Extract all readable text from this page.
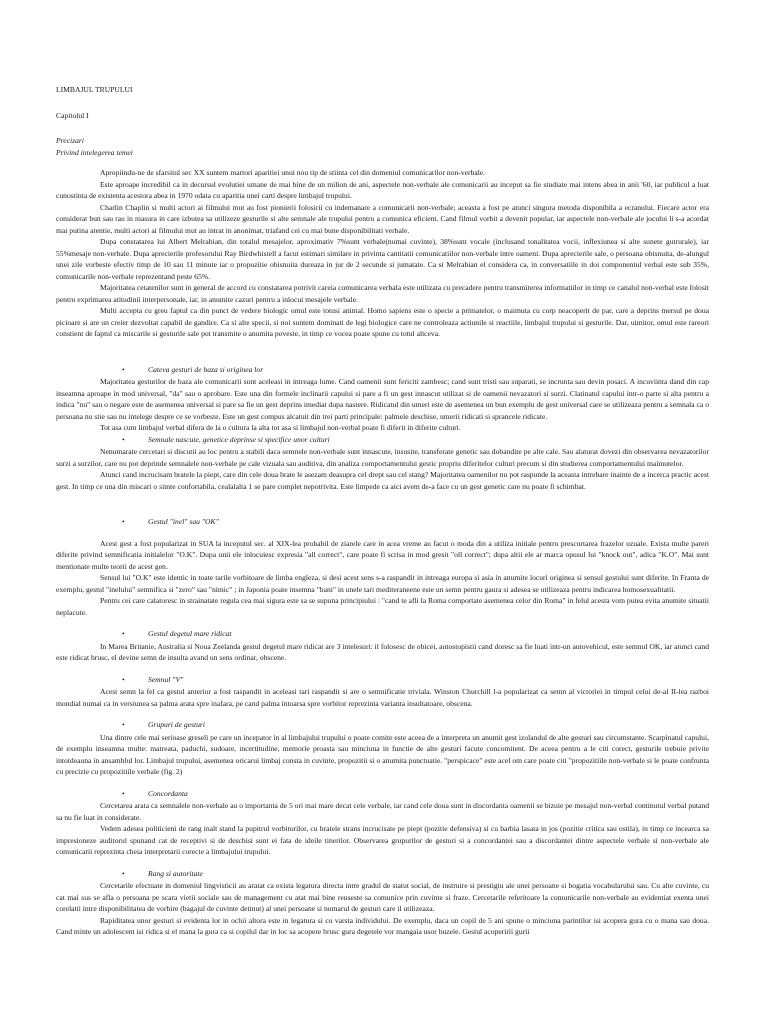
LIMBAJUL TRUPULUI
Capitolul I
Precizari
Privind intelegerea temei

Apropiindu-ne de sfarsitul sec XX suntem martori aparitiei unui nou tip de stiinta cel din domeniul comunicarilor non-verbale.

Este aproape incredibil ca in decursul evolutiei umane de mai bine de un milion de ani, aspectele non-verbale ale comunicarii au inceput sa fie studiate mai intens abea in anii '60, iar publicul a luat cunostinta de existenta acestora abea in 1970 odata cu aparitia unei carti despre limbajul trupului.

Charlin Chaplin si multi actori ai filmului mut au fost pionierii folosirii cu indemanare a comunicarii non-verbale; aceasta a fost pe atunci singura metoda disponibila a ecranului. Fiecare actor era considerat bun sau rau in masura in care izbutea sa utilizeze gesturile si alte semnale ale trupului pentru a comunica eficient. Cand filmul vorbit a devenit popular, iar aspectele non-verbale ale jocului li s-a acordat mai putina atentie, multi actori ai filmului mut au intrat in anonimat, triafand cei cu mai bune disponibilitati verbale.

Dupa constatarea lui Albert Melrabian, din totalul mesajelor, aproximativ 7%sunt verbale(numai cuvinte), 38%sunt vocale (inclusand tonalitatea vocii, inflexiunea si alte sunete gutrurale), iar 55%mesaje non-verbale. Dupa aprecierile profesorului Ray Birdwhistell a facut estimari similare in privinta cantitatii comunicatiilor non-verbale intre oameni. Dupa aprecierile sale, o persoana obisnuita, de-alungul unei zile vorbeste efectiv timp de 10 sau 11 minute iar o propozitie obisnuita dureaza in jur de 2 secunde si jumatate. Ca si Melrabian el considera ca, in conversatiile in doi componentul verbal este sub 35%, comunicarile non-verbale reprezentand peste 65%.

Majoritatea cetatenilor sunt in general de accord cu constatarea potrivit careia comunicarea verbala este utilizata cu precadere pentru transmiterea informatiilor in timp ce canalul non-verbal este folosit pentru exprimarea atitudinii interpersonale, iar, in anumite cazuri pentru a inlocui mesajele verbale.

Multi accepta cu greu faptul ca din punct de vedere biologic omul este totusi animal. Homo sapiens este o specie a primatelor, o maimuta cu corp neacoperit de par, care a deprins mersul pe doua picioare si are un creier dezvoltat capabil de gandire. Ca si alte specii, si noi suntem dominati de legi biologice care ne controleaza actiunile si reactiile, limbajul trupului si gesturile. Dar, uimitor, omul este rareori constient de faptul ca miscarile si gesturile sale pot transmite o anumita poveste, in timp ce vocea poate spune cu totul altceva.

• Cateva gesturi de baza si originea lor

Majoritatea gesturilor de baza ale comunicarii sunt aceleasi in intreaga lume. Cand oamenii sunt fericiti zambesc; cand sunt tristi sau suparati, se incrunta sau devin posaci. A incuviinta dand din cap inseamna aproape in mod universal, "da" sau o aprobare. Este una din formele inclinarii capului si pare a fi un gest innascut utilizat si de oamenii nevazatori si surzi. Clatinatul capului intr-o parte si alta pentru a indica "nu" sau o negare este de asemenea universal si pare sa fie un gest deprins imediat dupa nastere. Ridicatul din umeri este de asemenea un bun exemplu de gest universal care se utilizeaza pentru a semnala ca o persoana nu stie sau nu intelege despre ce se vorbeste. Este un gest compus alcatuit din trei parti principale: palmele deschise, umerii ridicati si sprancele ridicate.

Tot asa cum limbajul verbal difera de la o cultura la alta tot asa si limbajul non-verbal poate fi diferit in diferite culturi.

• Semnale nascute, genetice deprinse si specifice unor culturi

Nenumarate cercetari si discutii au loc pentru a stabili daca semnele non-verbale sunt innascute, insusite, transferate genetic sau dobandite pe alte cale. Sau alaturat dovezi din observarea nevazatorilor surzi a surzilor, care nu pot deprinde semnalele non-verbale pe cale vizuala sau auditiva, din analiza comportamentului gestic propriu diferitelor culturi precum si din studierea comportamentului maimutelor.

Atunci cand incrucisam bratele la piept, care din cele doua brate le asezam deasupra cel drept sau cel stang? Majoritatea oamenilor nu pot raspunde la aceasta intrebare inainte de a incerca practic acest gest. In timp ce una din miscari o simte confortabila, cealalalta 1 se pare complet nepotrivita. Este limpede ca aici avem de-a face cu un gest genetic care nu poate fi schimbat.

• Gestul "inel" sau "OK"

Acest gest a fost popularizat in SUA la inceputul sec. al XIX-lea probabil de ziarele care in acea vreme au facut o moda din a utiliza initiale pentru prescurtarea frazelor uzuale. Exista multe pareri diferite privind semnificatia initialelor "O.K". Dupa unii ele inlocuiesc expresia "all correct", care poate fi scrisa in mod gresit "oll correct"; dupa altii ele ar marca opusul lui "knock out", adica "K.O". Mai sunt mentionate multe teorii de acest gen.

Sensul lui "O.K" este identic in toate tarile vorbitoare de limba engleza, si desi acest sens s-a raspandit in intreaga europa si asia in anumite locuri originea si sensul gestului sunt diferite. In Franta de exemplu, gestul "inelului" semnifica si "zero" sau "nimic" ; in Japonia poate insemna "bani" in unele tari mediteraneene este un semn pentru gaura si adesea se utilizeaza pentru indicarea homosexualitatii.

Pentru cei care calatoresc in strainatate regula cea mai sigura este sa se supuna principiului : "cand te afli la Roma comportate asemenea celor din Roma" in felul acesta vom putea evita anumite situatii neplacute.

• Gestul degetul mare ridicat

In Marea Britanie, Australia si Noua Zeelanda gestul degetul mare ridicat are 3 intelesuri: il folosesc de obicei, autostopistii cand doresc sa fie luati intr-un autovehicul, este semnul OK, iar atunci cand este ridicat brusc, el devine semn de insulta avand un sens ordinar, obscene.

• Semnul "V"

Acest semn la fel ca gestul anterior a fost raspandit in aceleasi tari raspandit si are o semnificatie triviala. Winston Churchill l-a popularizat ca semn al victoriei in timpul celui de-al II-lea razboi mondial numai ca in versiunea sa palma arata spre inafara, pe cand palma intoarsa spre vorbitor reprezinta varianta insultatoare, obscena.

• Grupuri de gesturi

Una dintre cele mai serioase greseli pe care un incepator in al limbajului trupului o poate comite este aceea de a interpreta un anumit gest izolandul de alte gesturi sau circumstante. Scarpinatul capului, de exemplu inseamna multe: matreata, paduchi, sudoare, incertitudine, memorie proasta sau minciuna in functie de alte gesturi facute concomitent. De aceea pentru a le citi corect, gesturile trebuie privite intotdeauna in ansamblul lor. Limbajul trupului, asemenea oricarui limbaj consta in cuvinte, propozitii si o anumita punctuatie. "perspicace" este acel om care poate citi "propozitiile non-verbale si le poate confrunta cu precizie cu propozitiile verbale (fig. 2)

• Concordanta

Cercetarea arata ca semnalele non-verbale au o importanta de 5 ori mai mare decat cele verbale, iar cand cele doua sunt in discordanta oamenii se bizuie pe mesajul non-verbal continutul verbal putand sa nu fie luat in considerate.

Vedem adesea politicieni de rang inalt stand la pupitrul vorbitorilor, cu bratele strans incrucisate pe piept (pozitie defensiva) si cu barbia lasata in jos (pozitie critica sau ostila), in timp ce incearca sa impresioneze auditorul spunand cat de receptivi si de deschisi sunt ei fata de ideile tinerilor. Observarea grupurilor de gesturi si a concordantei sau a discordantei dintre aspectele verbale si non-verbale ale comunicarii reprezinta cheia interpretarii corecte a limbajului trupului.

• Rang si autoritate

Cercetarile efectuate in domeniul lingvisticii au aratat ca exista legatura directa intre gradul de statut social, de instruire si prestigiu ale unei persoane si bogatia vocabularului sau. Cu alte cuvinte, cu cat mai sus se afla o persoana pe scara vietii sociale sau de management cu atat mai bine reuseste sa comunice prin cuvinte si fraze. Cercetarile referitoare la comunicarile non-verbale au evidentiat exenta unei corelatii intre disponibilitatea de vorbire (bagajul de cuvinte detinut) al unei persoane si numarul de gesturi care il utilizeaza.

Rapiditatea unor gesturi si evidenta lor in ochii altora este in legatura si cu varsta individului. De exemplu, daca un copil de 5 ani spune o minciuna parintilor isi acopera gura cu o mana sau doua. Cand minte un adolescent isi ridica si el mana la gura ca si copilul dar in loc sa acopere brusc gura degetele vor mangaia usor buzele. Gestul acoperirii gurii
